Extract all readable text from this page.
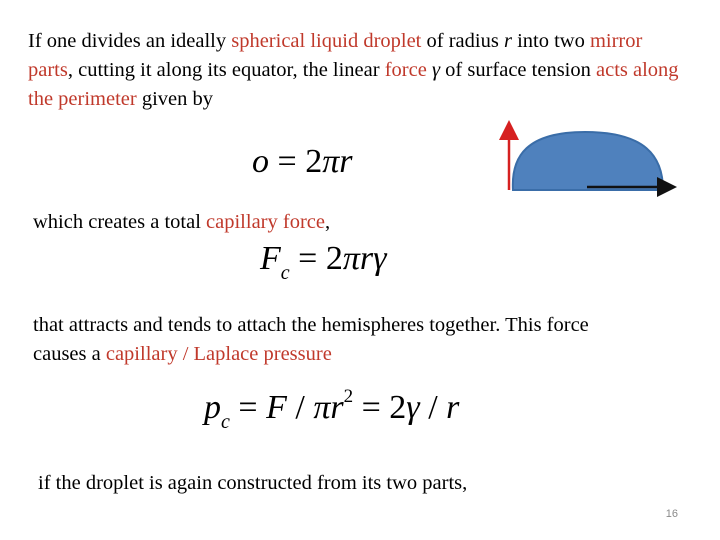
If one divides an ideally spherical liquid droplet of radius r into two mirror parts, cutting it along its equator, the linear force γ of surface tension acts along the perimeter given by
o = 2πr
which creates a total capillary force,
$F_c = 2\pi r\gamma$
that attracts and tends to attach the hemispheres together. This force causes a capillary / Laplace pressure
$p_c = F / \pi r^2 = 2\gamma / r$
if the droplet is again constructed from its two parts,
16
